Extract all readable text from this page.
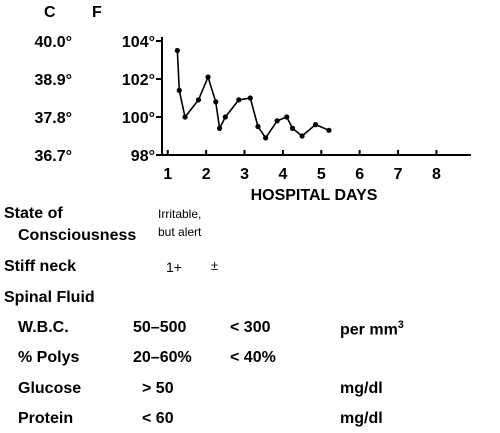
C F
HOSPITAL DAYS
40.0°	104°
38.9°	102°
37.8°	100°
36.7°	98°
1 2 3 4 5 6 7 8
State of
Consciousness
Irritable,
but alert
Stiff neck	1+ ±
Spinal Fluid
W.B.C.	50–500	< 300	per $mm^3$
% Polys	20–60% < 40%
Glucose	> 50	mg/dl
Protein	< 60	mg/dl
